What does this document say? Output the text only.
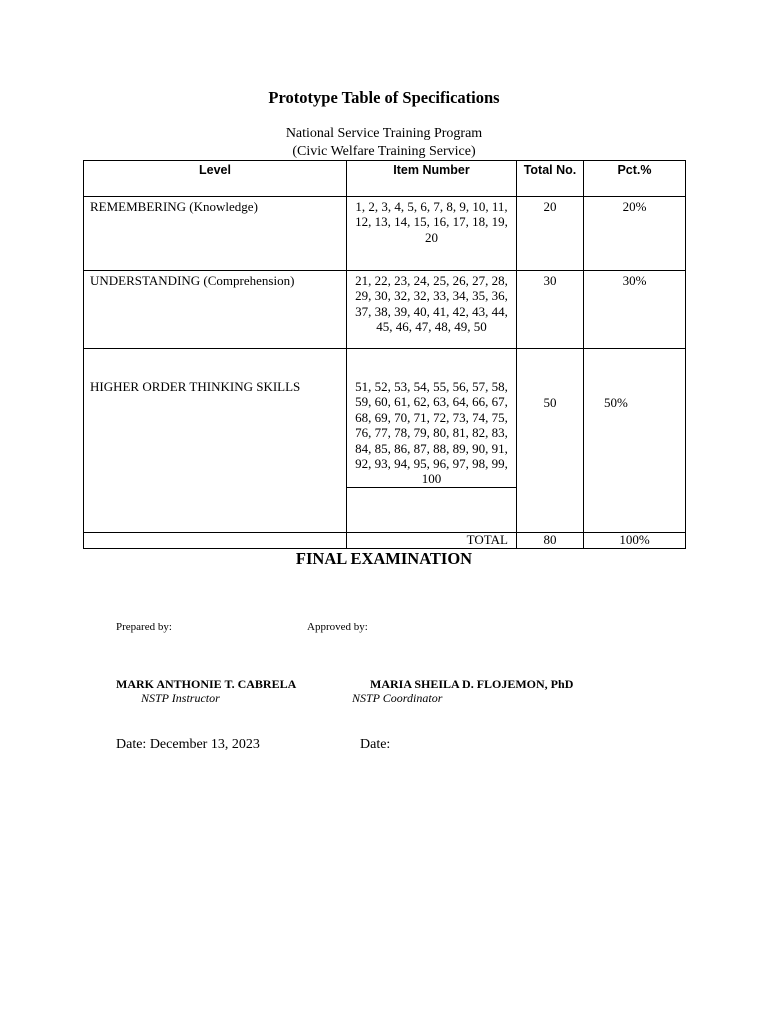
Prototype Table of Specifications
National Service Training Program
(Civic Welfare Training Service)
Level	Item Number	Total No.	Pct.%
REMEMBERING (Knowledge)	1, 2, 3, 4, 5, 6, 7, 8, 9, 10, 11, 12, 13, 14, 15, 16, 17, 18, 19, 20	20	20%
UNDERSTANDING (Comprehension)	21, 22, 23, 24, 25, 26, 27, 28, 29, 30, 32, 32, 33, 34, 35, 36, 37, 38, 39, 40, 41, 42, 43, 44, 45, 46, 47, 48, 49, 50	30	30%
HIGHER ORDER THINKING SKILLS	51, 52, 53, 54, 55, 56, 57, 58, 59, 60, 61, 62, 63, 64, 66, 67, 68, 69, 70, 71, 72, 73, 74, 75, 76, 77, 78, 79, 80, 81, 82, 83, 84, 85, 86, 87, 88, 89, 90, 91, 92, 93, 94, 95, 96, 97, 98, 99, 100	50	50%

	TOTAL	80	100%
FINAL EXAMINATION
Prepared by:	Approved by:
MARK ANTHONIE T. CABRELA	MARIA SHEILA D. FLOJEMON, PhD
NSTP Instructor	NSTP Coordinator
Date: December 13, 2023	Date:
